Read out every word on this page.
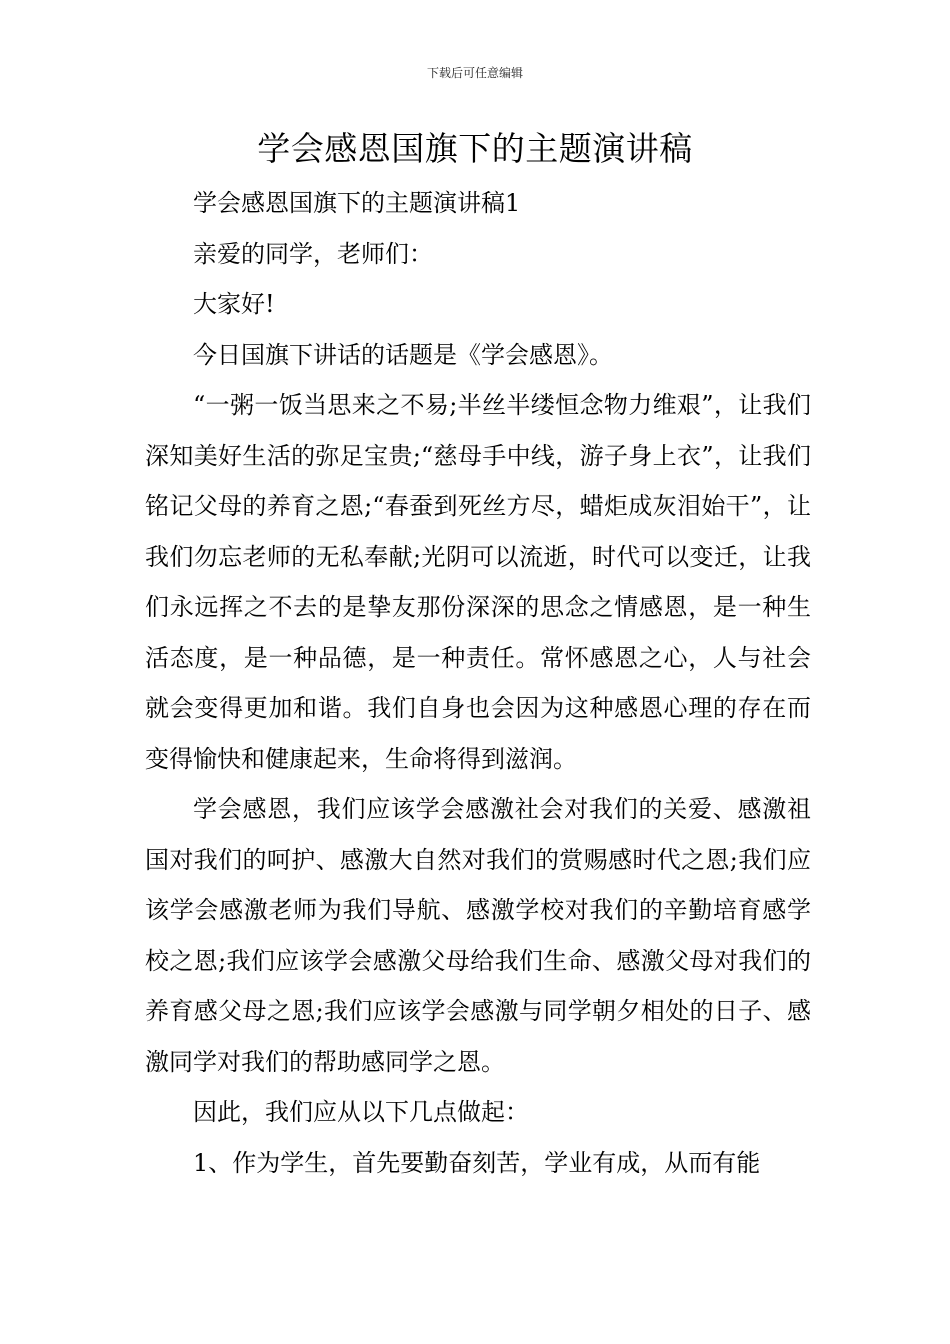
下载后可任意编辑
学会感恩国旗下的主题演讲稿

学会感恩国旗下的主题演讲稿1

亲爱的同学，老师们：

大家好!

今日国旗下讲话的话题是《学会感恩》。

“一粥一饭当思来之不易;半丝半缕恒念物力维艰”，让我们深知美好生活的弥足宝贵;“慈母手中线，游子身上衣”，让我们铭记父母的养育之恩;“春蚕到死丝方尽，蜡炬成灰泪始干”，让我们勿忘老师的无私奉献;光阴可以流逝，时代可以变迁，让我们永远挥之不去的是挚友那份深深的思念之情感恩，是一种生活态度，是一种品德，是一种责任。常怀感恩之心，人与社会就会变得更加和谐。我们自身也会因为这种感恩心理的存在而变得愉快和健康起来，生命将得到滋润。

学会感恩，我们应该学会感激社会对我们的关爱、感激祖国对我们的呵护、感激大自然对我们的赏赐感时代之恩;我们应该学会感激老师为我们导航、感激学校对我们的辛勤培育感学校之恩;我们应该学会感激父母给我们生命、感激父母对我们的养育感父母之恩;我们应该学会感激与同学朝夕相处的日子、感激同学对我们的帮助感同学之恩。

因此，我们应从以下几点做起：

1、作为学生，首先要勤奋刻苦，学业有成，从而有能
